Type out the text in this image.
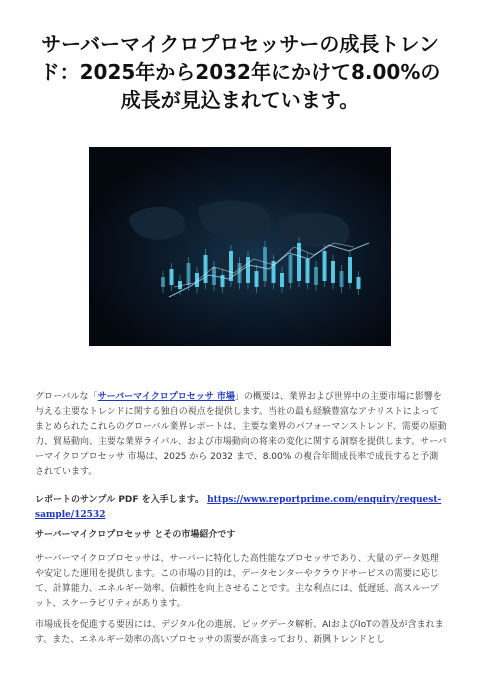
サーバーマイクロプロセッサーの成長トレンド：2025年から2032年にかけて8.00%の成長が見込まれています。

グローバルな「サーバーマイクロプロセッサ 市場」の概要は、業界および世界中の主要市場に影響を与える主要なトレンドに関する独自の視点を提供します。当社の最も経験豊富なアナリストによってまとめられたこれらのグローバル業界レポートは、主要な業界のパフォーマンストレンド、需要の原動力、貿易動向、主要な業界ライバル、および市場動向の将来の変化に関する洞察を提供します。サーバーマイクロプロセッサ 市場は、2025 から 2032 まで、8.00% の複合年間成長率で成長すると予測されています。

レポートのサンプル PDF を入手します。 https://www.reportprime.com/enquiry/request-sample/12532

サーバーマイクロプロセッサ とその市場紹介です

サーバーマイクロプロセッサは、サーバーに特化した高性能なプロセッサであり、大量のデータ処理や安定した運用を提供します。この市場の目的は、データセンターやクラウドサービスの需要に応じて、計算能力、エネルギー効率、信頼性を向上させることです。主な利点には、低遅延、高スループット、スケーラビリティがあります。

市場成長を促進する要因には、デジタル化の進展、ビッグデータ解析、AIおよびIoTの普及が含まれます。また、エネルギー効率の高いプロセッサの需要が高まっており、新興トレンドとし
